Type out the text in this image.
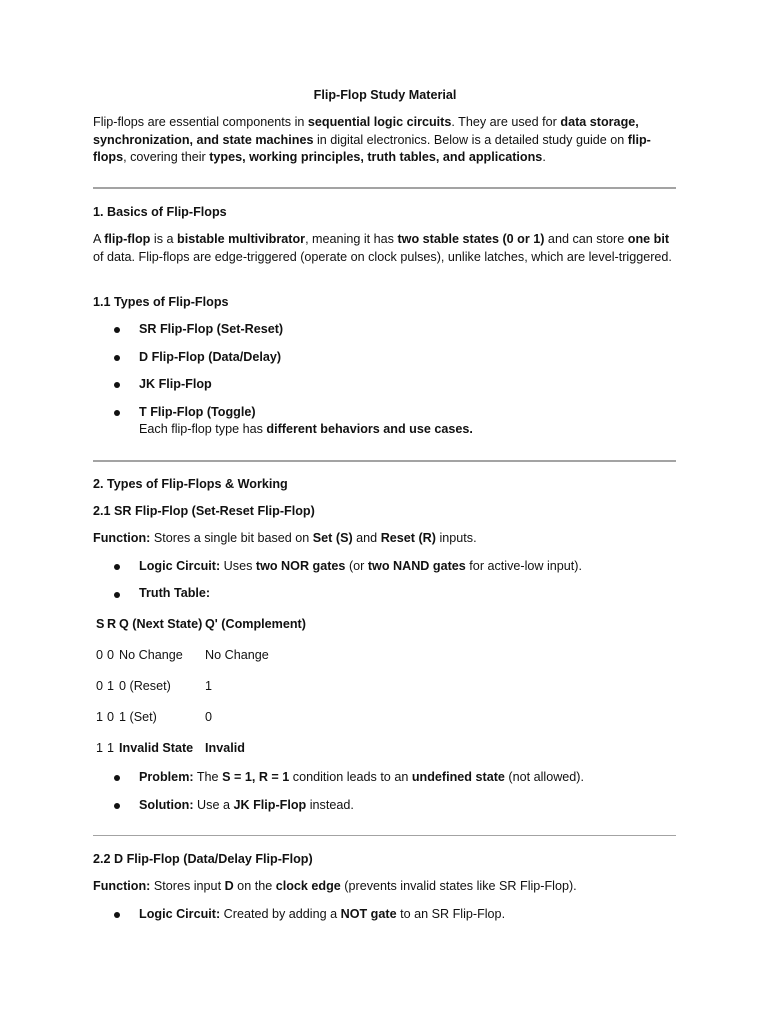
Flip-Flop Study Material
Flip-flops are essential components in sequential logic circuits. They are used for data storage, synchronization, and state machines in digital electronics. Below is a detailed study guide on flip-flops, covering their types, working principles, truth tables, and applications.
1. Basics of Flip-Flops
A flip-flop is a bistable multivibrator, meaning it has two stable states (0 or 1) and can store one bit of data. Flip-flops are edge-triggered (operate on clock pulses), unlike latches, which are level-triggered.
1.1 Types of Flip-Flops
SR Flip-Flop (Set-Reset)
D Flip-Flop (Data/Delay)
JK Flip-Flop
T Flip-Flop (Toggle)
Each flip-flop type has different behaviors and use cases.
2. Types of Flip-Flops & Working
2.1 SR Flip-Flop (Set-Reset Flip-Flop)
Function: Stores a single bit based on Set (S) and Reset (R) inputs.
Logic Circuit: Uses two NOR gates (or two NAND gates for active-low input).
Truth Table:
S R Q (Next State) Q' (Complement)
0 0 No Change No Change
0 1 0 (Reset)	1
1 0 1 (Set)	0
1 1 Invalid State Invalid
Problem: The S = 1, R = 1 condition leads to an undefined state (not allowed).
Solution: Use a JK Flip-Flop instead.
2.2 D Flip-Flop (Data/Delay Flip-Flop)
Function: Stores input D on the clock edge (prevents invalid states like SR Flip-Flop).
Logic Circuit: Created by adding a NOT gate to an SR Flip-Flop.
